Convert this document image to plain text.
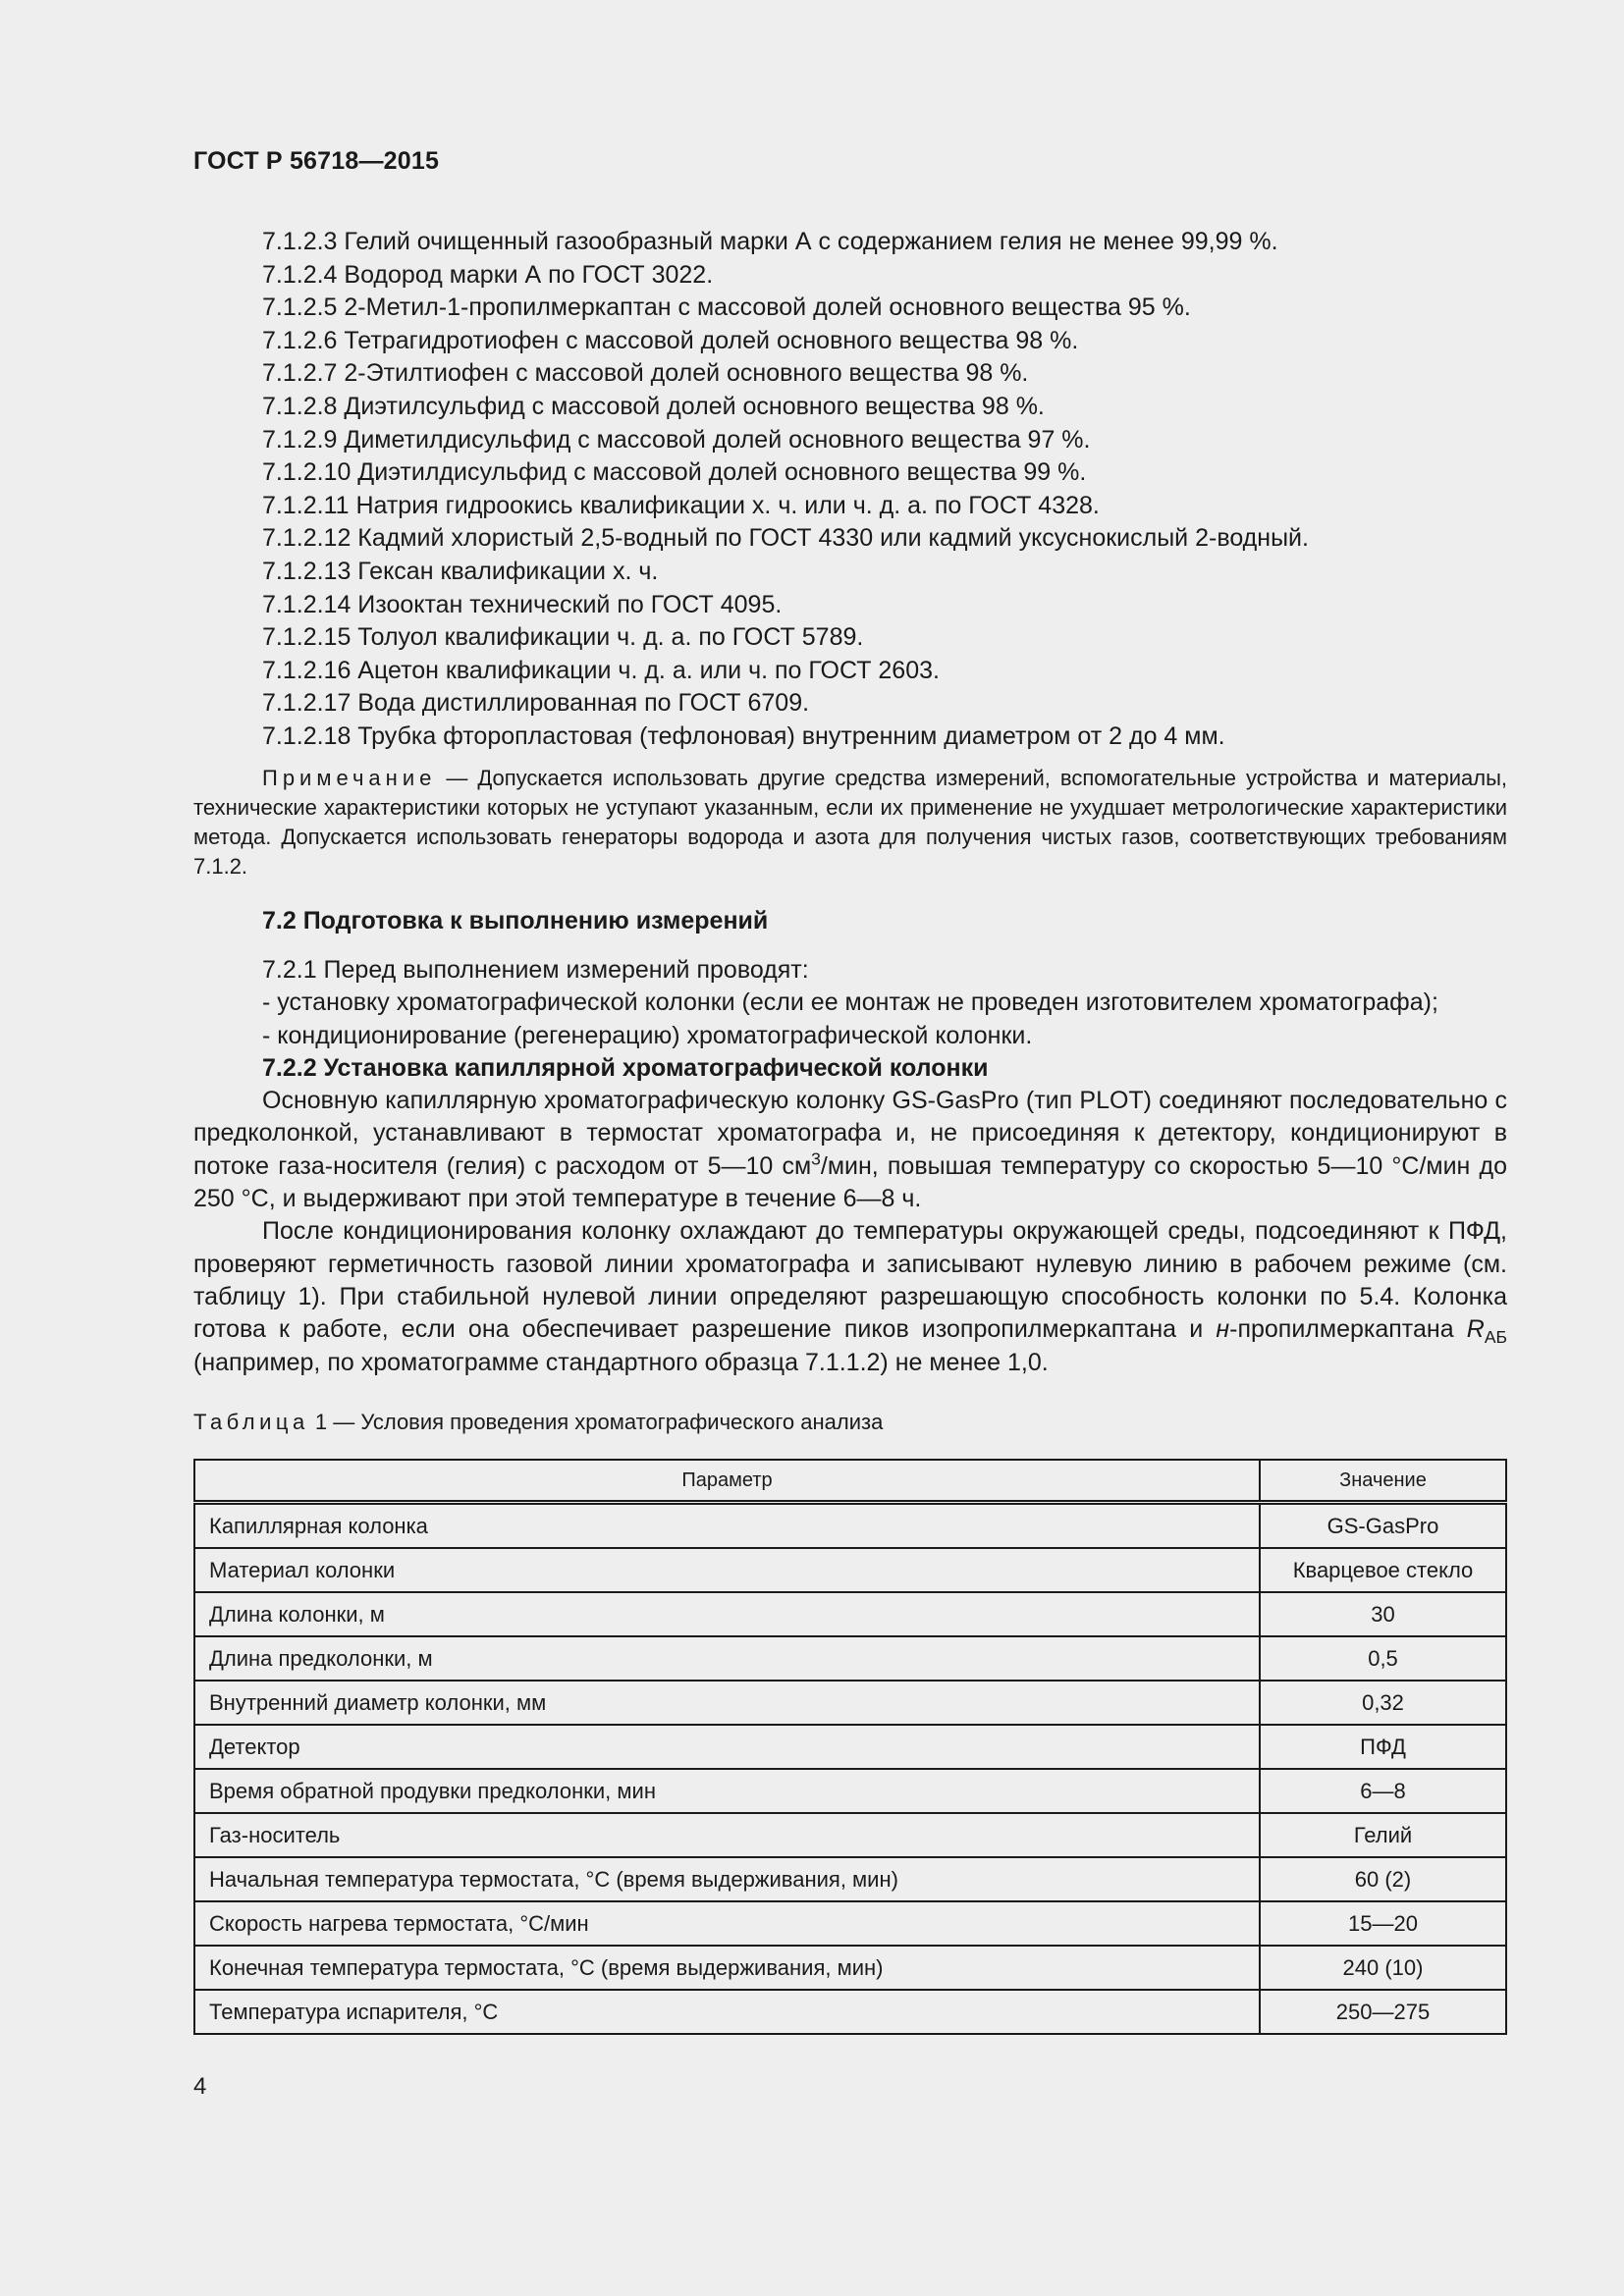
ГОСТ Р 56718—2015
7.1.2.3 Гелий очищенный газообразный марки А с содержанием гелия не менее 99,99 %.
7.1.2.4 Водород марки А по ГОСТ 3022.
7.1.2.5 2-Метил-1-пропилмеркаптан с массовой долей основного вещества 95 %.
7.1.2.6 Тетрагидротиофен с массовой долей основного вещества 98 %.
7.1.2.7 2-Этилтиофен с массовой долей основного вещества 98 %.
7.1.2.8 Диэтилсульфид с массовой долей основного вещества 98 %.
7.1.2.9 Диметилдисульфид с массовой долей основного вещества 97 %.
7.1.2.10 Диэтилдисульфид с массовой долей основного вещества 99 %.
7.1.2.11 Натрия гидроокись квалификации х. ч. или ч. д. а. по ГОСТ 4328.
7.1.2.12 Кадмий хлористый 2,5-водный по ГОСТ 4330 или кадмий уксуснокислый 2-водный.
7.1.2.13 Гексан квалификации х. ч.
7.1.2.14 Изооктан технический по ГОСТ 4095.
7.1.2.15 Толуол квалификации ч. д. а. по ГОСТ 5789.
7.1.2.16 Ацетон квалификации ч. д. а. или ч. по ГОСТ 2603.
7.1.2.17 Вода дистиллированная по ГОСТ 6709.
7.1.2.18 Трубка фторопластовая (тефлоновая) внутренним диаметром от 2 до 4 мм.
Примечание — Допускается использовать другие средства измерений, вспомогательные устройства и материалы, технические характеристики которых не уступают указанным, если их применение не ухудшает метрологические характеристики метода. Допускается использовать генераторы водорода и азота для получения чистых газов, соответствующих требованиям 7.1.2.
7.2 Подготовка к выполнению измерений
7.2.1 Перед выполнением измерений проводят:
- установку хроматографической колонки (если ее монтаж не проведен изготовителем хроматографа);
- кондиционирование (регенерацию) хроматографической колонки.
7.2.2 Установка капиллярной хроматографической колонки
Основную капиллярную хроматографическую колонку GS-GasPro (тип PLOT) соединяют последовательно с предколонкой, устанавливают в термостат хроматографа и, не присоединяя к детектору, кондиционируют в потоке газа-носителя (гелия) с расходом от 5—10 $см^3$/мин, повышая температуру со скоростью 5—10 °С/мин до 250 °С, и выдерживают при этой температуре в течение 6—8 ч.
После кондиционирования колонку охлаждают до температуры окружающей среды, подсоединяют к ПФД, проверяют герметичность газовой линии хроматографа и записывают нулевую линию в рабочем режиме (см. таблицу 1). При стабильной нулевой линии определяют разрешающую способность колонки по 5.4. Колонка готова к работе, если она обеспечивает разрешение пиков изопропилмеркаптана и н-пропилмеркаптана $R_{АБ}$ (например, по хроматограмме стандартного образца 7.1.1.2) не менее 1,0.
Таблица 1 — Условия проведения хроматографического анализа
Параметр	Значение
Капиллярная колонка	GS-GasPro
Материал колонки	Кварцевое стекло
Длина колонки, м	30
Длина предколонки, м	0,5
Внутренний диаметр колонки, мм	0,32
Детектор	ПФД
Время обратной продувки предколонки, мин	6—8
Газ-носитель	Гелий
Начальная температура термостата, °С (время выдерживания, мин)	60 (2)
Скорость нагрева термостата, °С/мин	15—20
Конечная температура термостата, °С (время выдерживания, мин)	240 (10)
Температура испарителя, °С	250—275
4
